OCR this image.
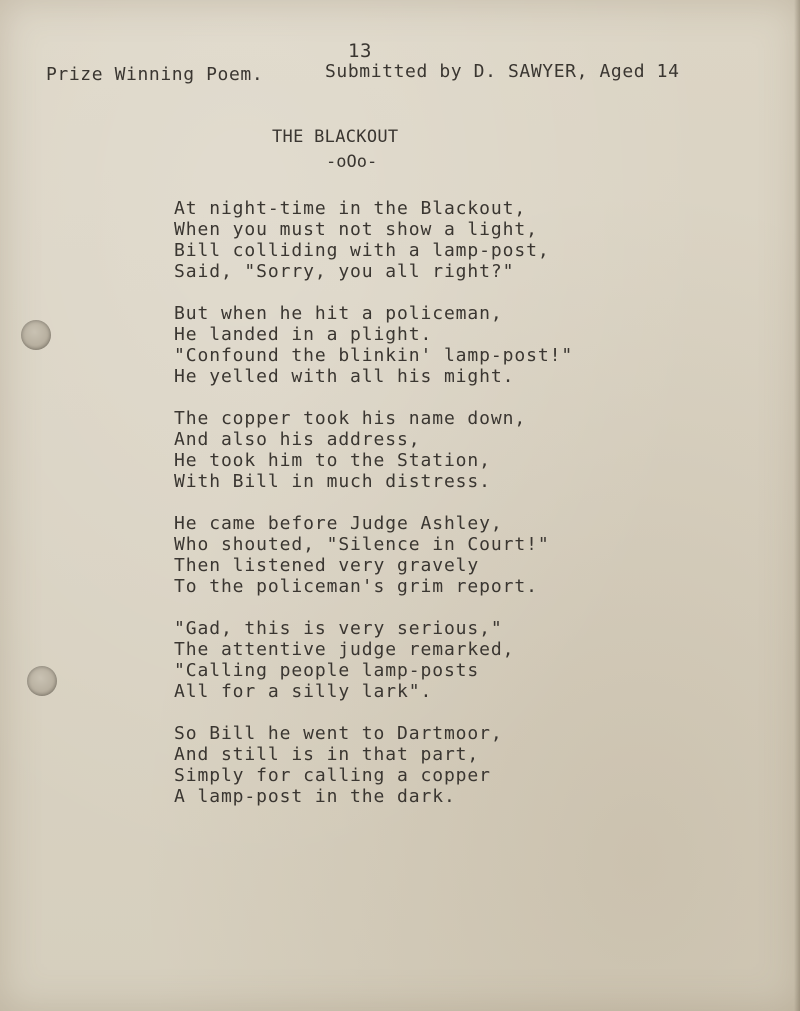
13
Prize Winning Poem.	Submitted by D. SAWYER, Aged 14
THE BLACKOUT
-oOo-
At night-time in the Blackout,
When you must not show a light,
Bill colliding with a lamp-post,
Said, "Sorry, you all right?"
But when he hit a policeman,
He landed in a plight.
"Confound the blinkin' lamp-post!"
He yelled with all his might.
The copper took his name down,
And also his address,
He took him to the Station,
With Bill in much distress.
He came before Judge Ashley,
Who shouted, "Silence in Court!"
Then listened very gravely
To the policeman's grim report.
"Gad, this is very serious,"
The attentive judge remarked,
"Calling people lamp-posts
All for a silly lark".
So Bill he went to Dartmoor,
And still is in that part,
Simply for calling a copper
A lamp-post in the dark.
